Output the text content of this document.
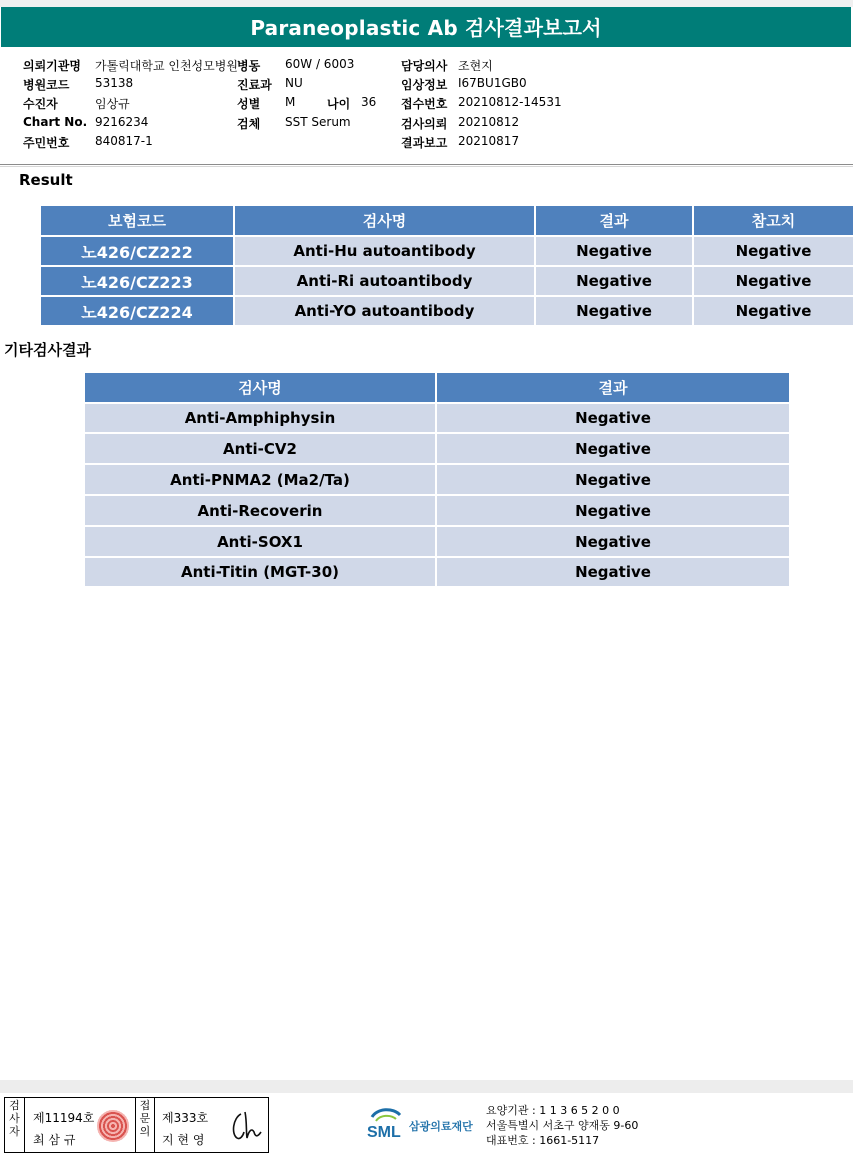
Paraneoplastic Ab 검사결과보고서
의뢰기관명 가톨릭대학교 인천성모병원 병동 60W / 6003	담당의사 조현지
병원코드 53138	진료과 NU	임상정보 I67BU1GB0
수진자	임상규	성별 M	나이 36 접수번호 20210812-14531
Chart No. 9216234	검체 SST Serum	검사의뢰 20210812
주민번호 840817-1	결과보고 20210817
Result
보험코드	검사명	결과	참고치
노426/CZ222	Anti-Hu autoantibody	Negative	Negative
노426/CZ223	Anti-Ri autoantibody	Negative	Negative
노426/CZ224	Anti-YO autoantibody	Negative	Negative
기타검사결과
검사명	결과
Anti-Amphiphysin	Negative
Anti-CV2	Negative
Anti-PNMA2 (Ma2/Ta)	Negative
Anti-Recoverin	Negative
Anti-SOX1	Negative
Anti-Titin (MGT-30)	Negative
검사자
제11194호
최 삼 규
접문의
제333호
지 현 영	SML 삼광의료재단
요양기관 : 1 1 3 6 5 2 0 0
서울특별시 서초구 양재동 9-60
대표번호 : 1661-5117
